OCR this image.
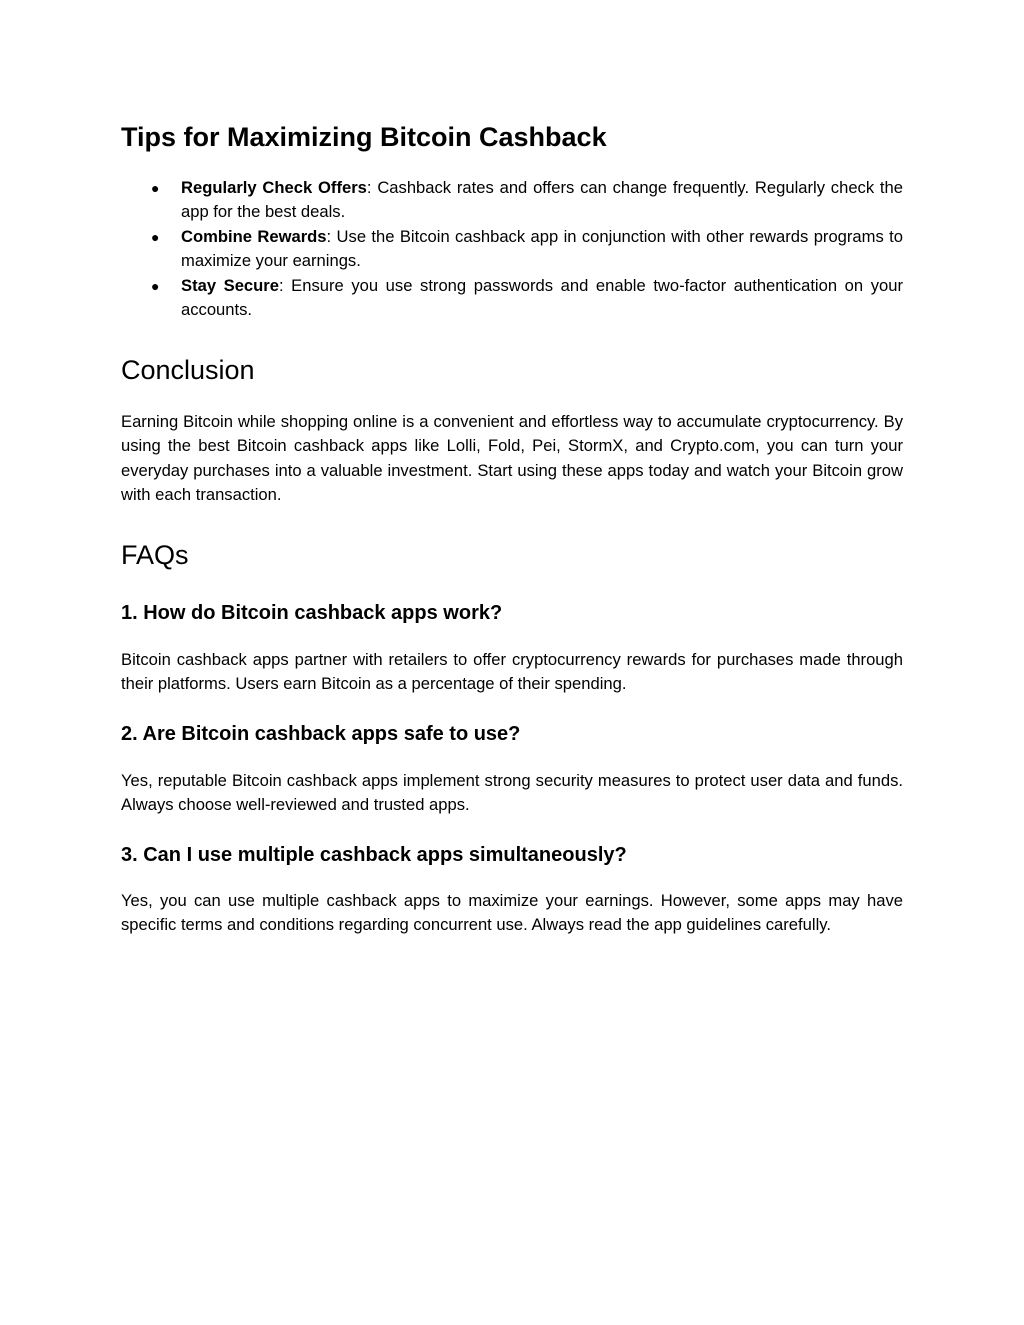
Tips for Maximizing Bitcoin Cashback
● Regularly Check Offers: Cashback rates and offers can change frequently. Regularly check the app for the best deals.
● Combine Rewards: Use the Bitcoin cashback app in conjunction with other rewards programs to maximize your earnings.
● Stay Secure: Ensure you use strong passwords and enable two-factor authentication on your accounts.
Conclusion

Earning Bitcoin while shopping online is a convenient and effortless way to accumulate cryptocurrency. By using the best Bitcoin cashback apps like Lolli, Fold, Pei, StormX, and Crypto.com, you can turn your everyday purchases into a valuable investment. Start using these apps today and watch your Bitcoin grow with each transaction.

FAQs
1. How do Bitcoin cashback apps work?

Bitcoin cashback apps partner with retailers to offer cryptocurrency rewards for purchases made through their platforms. Users earn Bitcoin as a percentage of their spending.

2. Are Bitcoin cashback apps safe to use?

Yes, reputable Bitcoin cashback apps implement strong security measures to protect user data and funds. Always choose well-reviewed and trusted apps.

3. Can I use multiple cashback apps simultaneously?

Yes, you can use multiple cashback apps to maximize your earnings. However, some apps may have specific terms and conditions regarding concurrent use. Always read the app guidelines carefully.
